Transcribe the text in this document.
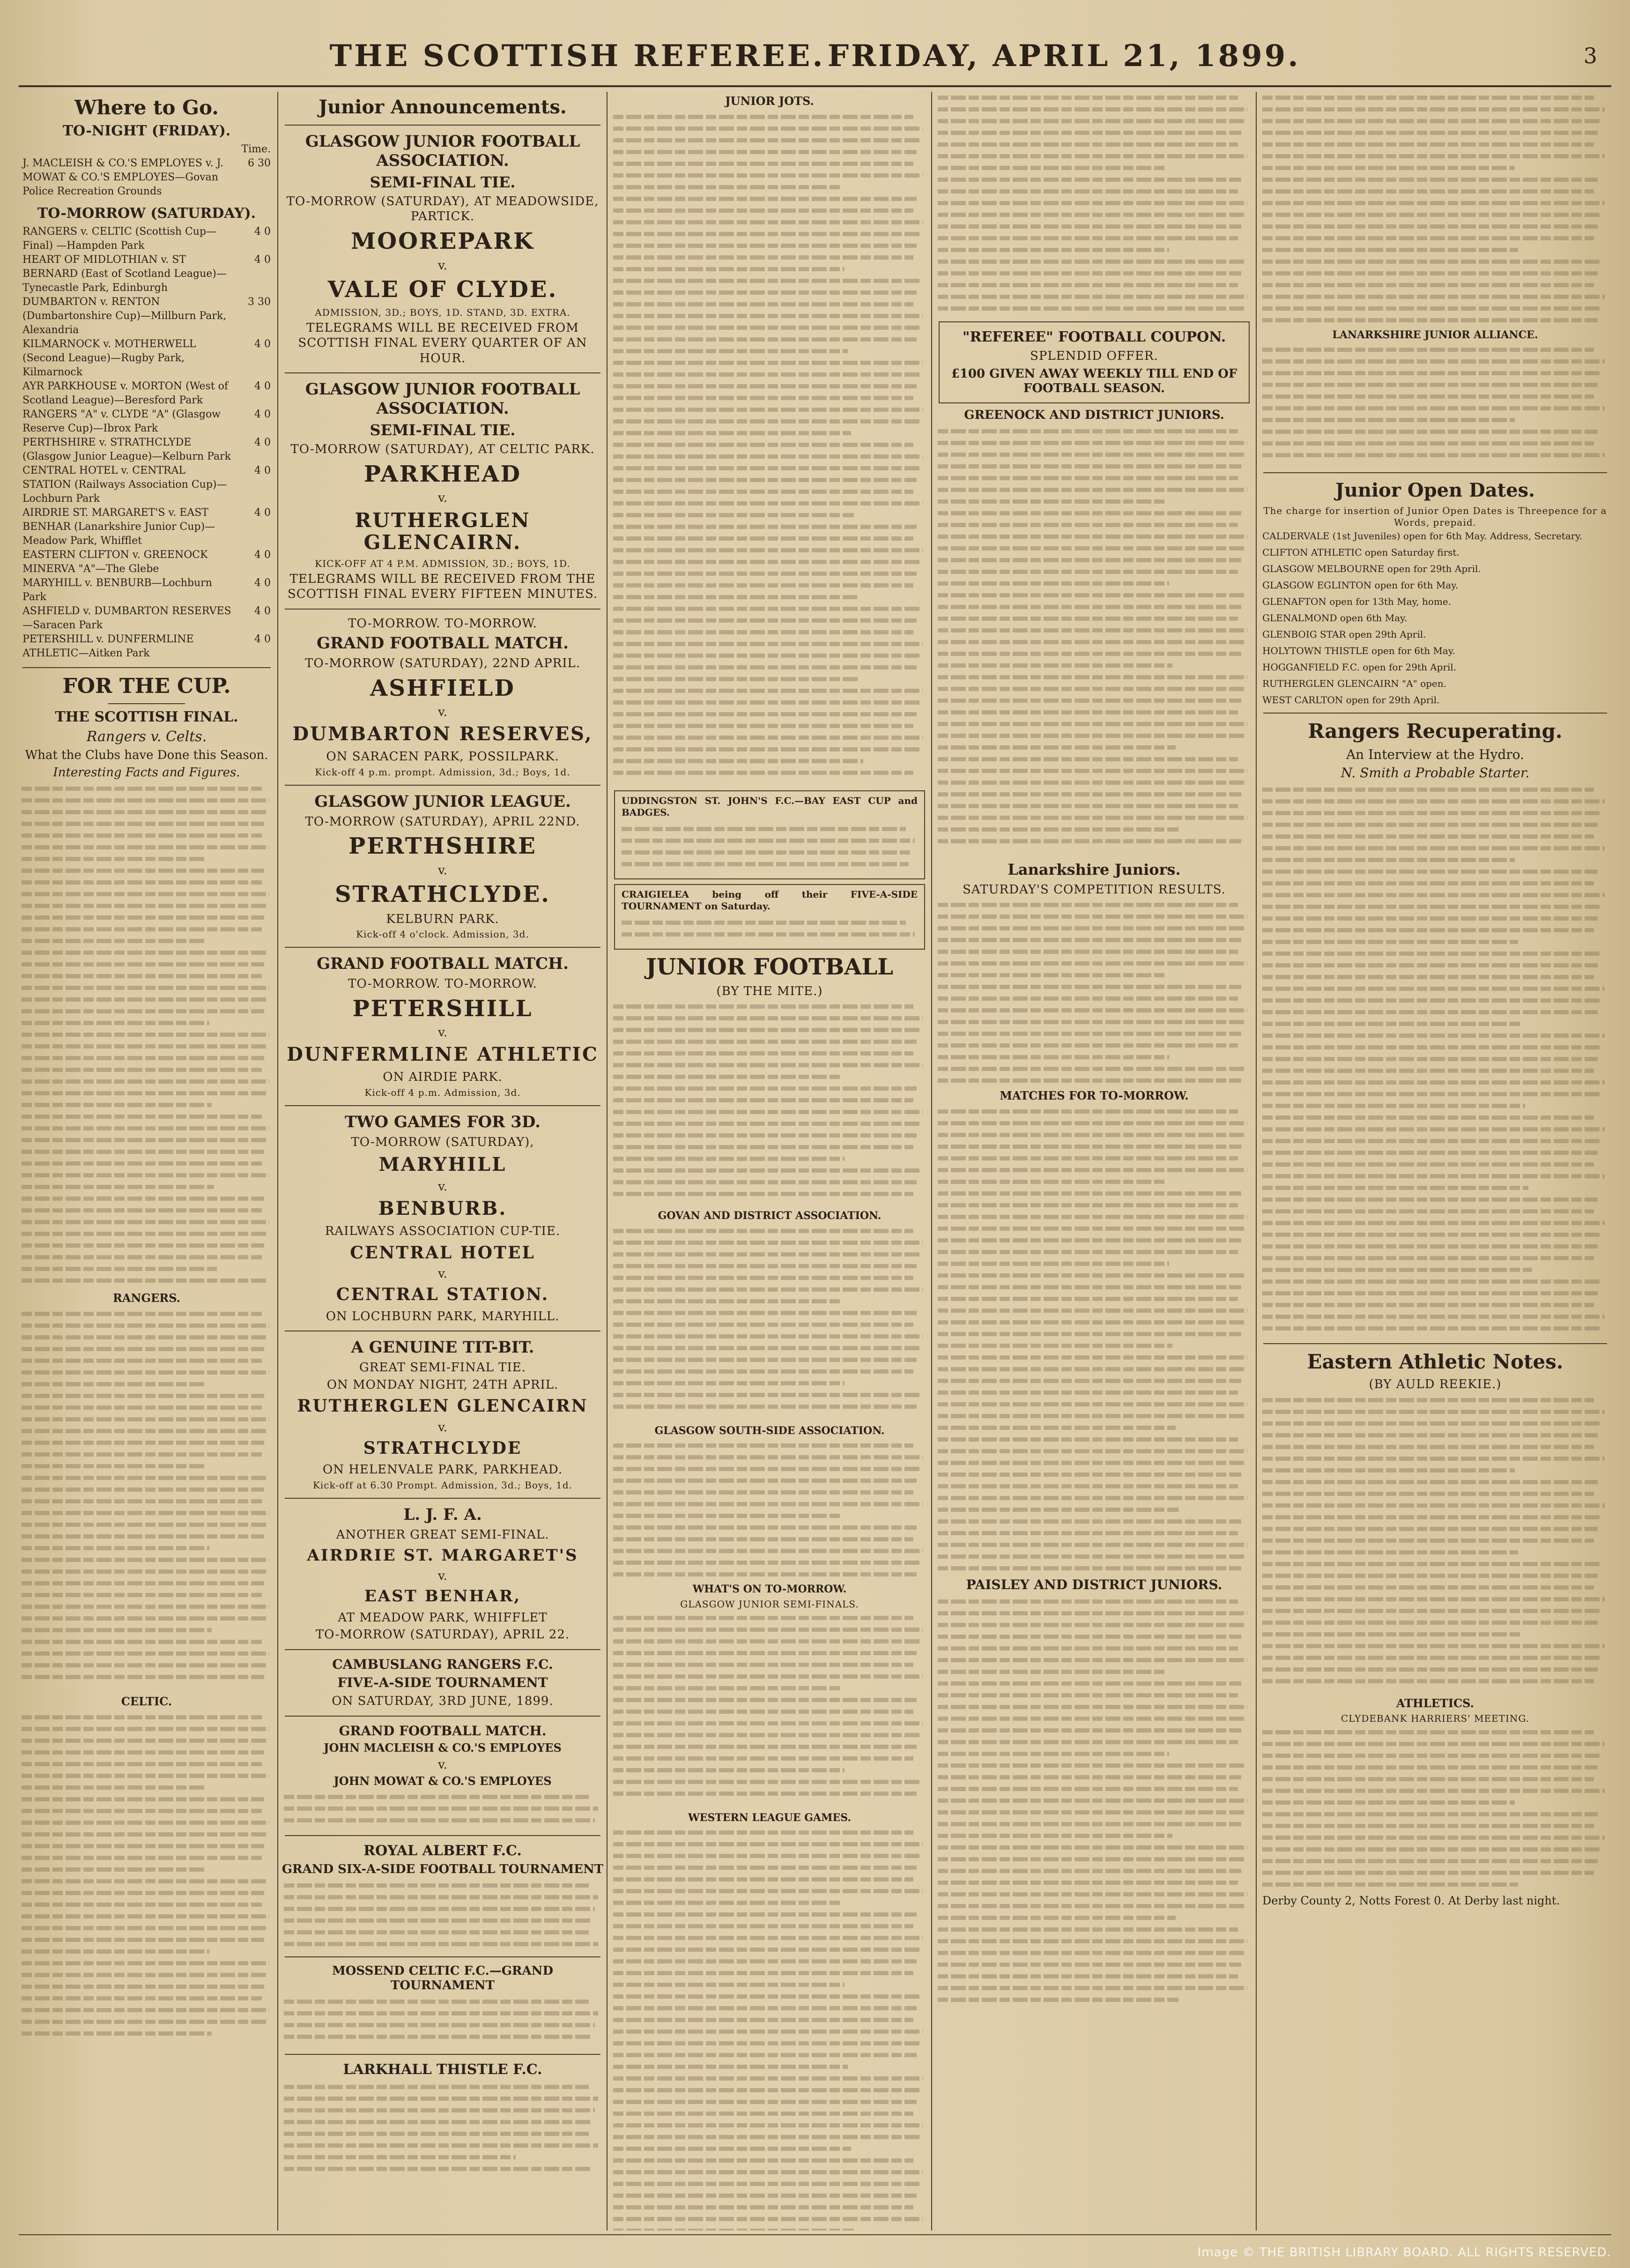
THE SCOTTISH REFEREE. FRIDAY, APRIL 21, 1899.	3
Where to Go.
TO-NIGHT (FRIDAY).
Time.
J. MACLEISH & CO.'S EMPLOYES v. J. MOWAT & CO.'S EMPLOYES—Govan Police Recreation Grounds
6 30
TO-MORROW (SATURDAY).
RANGERS v. CELTIC (Scottish Cup—Final) —Hampden Park
4 0
HEART OF MIDLOTHIAN v. ST BERNARD (East of Scotland League)—Tynecastle Park, Edinburgh
4 0
DUMBARTON v. RENTON (Dumbartonshire Cup)—Millburn Park, Alexandria
3 30
KILMARNOCK v. MOTHERWELL (Second League)—Rugby Park, Kilmarnock
4 0
AYR PARKHOUSE v. MORTON (West of Scotland League)—Beresford Park
4 0
RANGERS "A" v. CLYDE "A" (Glasgow Reserve Cup)—Ibrox Park
4 0
PERTHSHIRE v. STRATHCLYDE (Glasgow Junior League)—Kelburn Park
4 0
CENTRAL HOTEL v. CENTRAL STATION (Railways Association Cup)—Lochburn Park
4 0
AIRDRIE ST. MARGARET'S v. EAST BENHAR (Lanarkshire Junior Cup)—Meadow Park, Whifflet
4 0
EASTERN CLIFTON v. GREENOCK MINERVA "A"—The Glebe
4 0
MARYHILL v. BENBURB—Lochburn Park
4 0
ASHFIELD v. DUMBARTON RESERVES —Saracen Park
4 0
PETERSHILL v. DUNFERMLINE ATHLETIC—Aitken Park
4 0
FOR THE CUP.
THE SCOTTISH FINAL.
Rangers v. Celts.
What the Clubs have Done this Season.
Interesting Facts and Figures.
RANGERS.
CELTIC.
Junior Announcements.
GLASGOW JUNIOR FOOTBALL ASSOCIATION.
SEMI-FINAL TIE.
TO-MORROW (SATURDAY), AT MEADOWSIDE, PARTICK.
MOOREPARK
v.
VALE OF CLYDE.
ADMISSION, 3D.; BOYS, 1D. STAND, 3D. EXTRA.
TELEGRAMS WILL BE RECEIVED FROM SCOTTISH FINAL EVERY QUARTER OF AN HOUR.
GLASGOW JUNIOR FOOTBALL ASSOCIATION.
SEMI-FINAL TIE.
TO-MORROW (SATURDAY), AT CELTIC PARK.
PARKHEAD
v.
RUTHERGLEN GLENCAIRN.
KICK-OFF AT 4 P.M. ADMISSION, 3D.; BOYS, 1D.
TELEGRAMS WILL BE RECEIVED FROM THE SCOTTISH FINAL EVERY FIFTEEN MINUTES.
TO-MORROW. TO-MORROW.
GRAND FOOTBALL MATCH.
TO-MORROW (SATURDAY), 22ND APRIL.
ASHFIELD
v.
DUMBARTON RESERVES,
ON SARACEN PARK, POSSILPARK.
Kick-off 4 p.m. prompt. Admission, 3d.; Boys, 1d.
GLASGOW JUNIOR LEAGUE.
TO-MORROW (SATURDAY), APRIL 22ND.
PERTHSHIRE
v.
STRATHCLYDE.
KELBURN PARK.
Kick-off 4 o'clock. Admission, 3d.
GRAND FOOTBALL MATCH.
TO-MORROW. TO-MORROW.
PETERSHILL
v.
DUNFERMLINE ATHLETIC
ON AIRDIE PARK.
Kick-off 4 p.m. Admission, 3d.
TWO GAMES FOR 3D.
TO-MORROW (SATURDAY),
MARYHILL
v.
BENBURB.
RAILWAYS ASSOCIATION CUP-TIE.
CENTRAL HOTEL
v.
CENTRAL STATION.
ON LOCHBURN PARK, MARYHILL.
A GENUINE TIT-BIT.
GREAT SEMI-FINAL TIE.
ON MONDAY NIGHT, 24TH APRIL.
RUTHERGLEN GLENCAIRN
v.
STRATHCLYDE
ON HELENVALE PARK, PARKHEAD.
Kick-off at 6.30 Prompt. Admission, 3d.; Boys, 1d.
L. J. F. A.
ANOTHER GREAT SEMI-FINAL.
AIRDRIE ST. MARGARET'S
v.
EAST BENHAR,
AT MEADOW PARK, WHIFFLET
TO-MORROW (SATURDAY), APRIL 22.
CAMBUSLANG RANGERS F.C.
FIVE-A-SIDE TOURNAMENT
ON SATURDAY, 3RD JUNE, 1899.
GRAND FOOTBALL MATCH.
JOHN MACLEISH & CO.'S EMPLOYES
v.
JOHN MOWAT & CO.'S EMPLOYES
ROYAL ALBERT F.C.
GRAND SIX-A-SIDE FOOTBALL TOURNAMENT
MOSSEND CELTIC F.C.—GRAND TOURNAMENT
LARKHALL THISTLE F.C.
JUNIOR JOTS.
UDDINGSTON ST. JOHN'S F.C.—BAY EAST CUP and BADGES.
CRAIGIELEA being off their FIVE-A-SIDE TOURNAMENT on Saturday.
JUNIOR FOOTBALL
(BY THE MITE.)
GOVAN AND DISTRICT ASSOCIATION.
GLASGOW SOUTH-SIDE ASSOCIATION.
WHAT'S ON TO-MORROW.
GLASGOW JUNIOR SEMI-FINALS.
WESTERN LEAGUE GAMES.
"REFEREE" FOOTBALL COUPON.
SPLENDID OFFER.
£100 GIVEN AWAY WEEKLY TILL END OF FOOTBALL SEASON.
GREENOCK AND DISTRICT JUNIORS.
Lanarkshire Juniors.
SATURDAY'S COMPETITION RESULTS.
MATCHES FOR TO-MORROW.
PAISLEY AND DISTRICT JUNIORS.
LANARKSHIRE JUNIOR ALLIANCE.
Junior Open Dates.
The charge for insertion of Junior Open Dates is Threepence for a Words, prepaid.
CALDERVALE (1st Juveniles) open for 6th May. Address, Secretary.
CLIFTON ATHLETIC open Saturday first.
GLASGOW MELBOURNE open for 29th April.
GLASGOW EGLINTON open for 6th May.
GLENAFTON open for 13th May, home.
GLENALMOND open 6th May.
GLENBOIG STAR open 29th April.
HOLYTOWN THISTLE open for 6th May.
HOGGANFIELD F.C. open for 29th April.
RUTHERGLEN GLENCAIRN "A" open.
WEST CARLTON open for 29th April.
Rangers Recuperating.
An Interview at the Hydro.
N. Smith a Probable Starter.
Eastern Athletic Notes.
(BY AULD REEKIE.)
ATHLETICS.
CLYDEBANK HARRIERS' MEETING.
Derby County 2, Notts Forest 0. At Derby last night.
Image © THE BRITISH LIBRARY BOARD. ALL RIGHTS RESERVED.
